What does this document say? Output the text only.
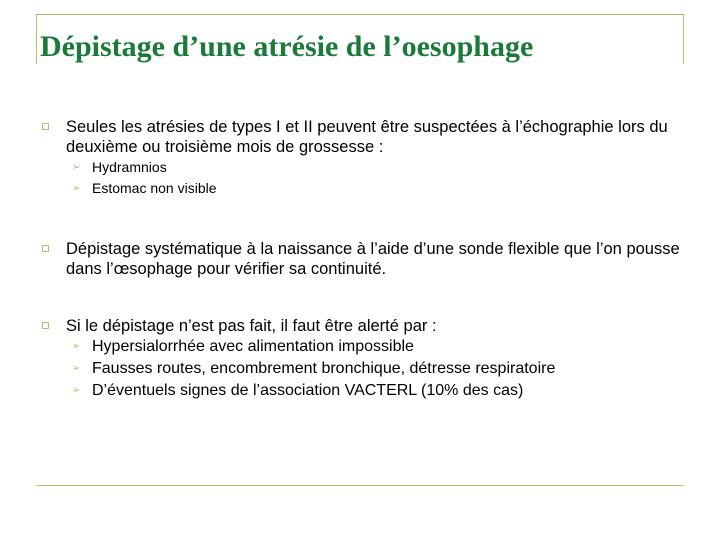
Dépistage d’une atrésie de l’oesophage
Seules les atrésies de types I et II peuvent être suspectées à l’échographie lors du deuxième ou troisième mois de grossesse :
➢ Hydramnios
➢ Estomac non visible
Dépistage systématique à la naissance à l’aide d’une sonde flexible que l’on pousse dans l’œsophage pour vérifier sa continuité.
Si le dépistage n’est pas fait, il faut être alerté par :
➢ Hypersialorrhée avec alimentation impossible
➢ Fausses routes, encombrement bronchique, détresse respiratoire
➢ D’éventuels signes de l’association VACTERL (10% des cas)
